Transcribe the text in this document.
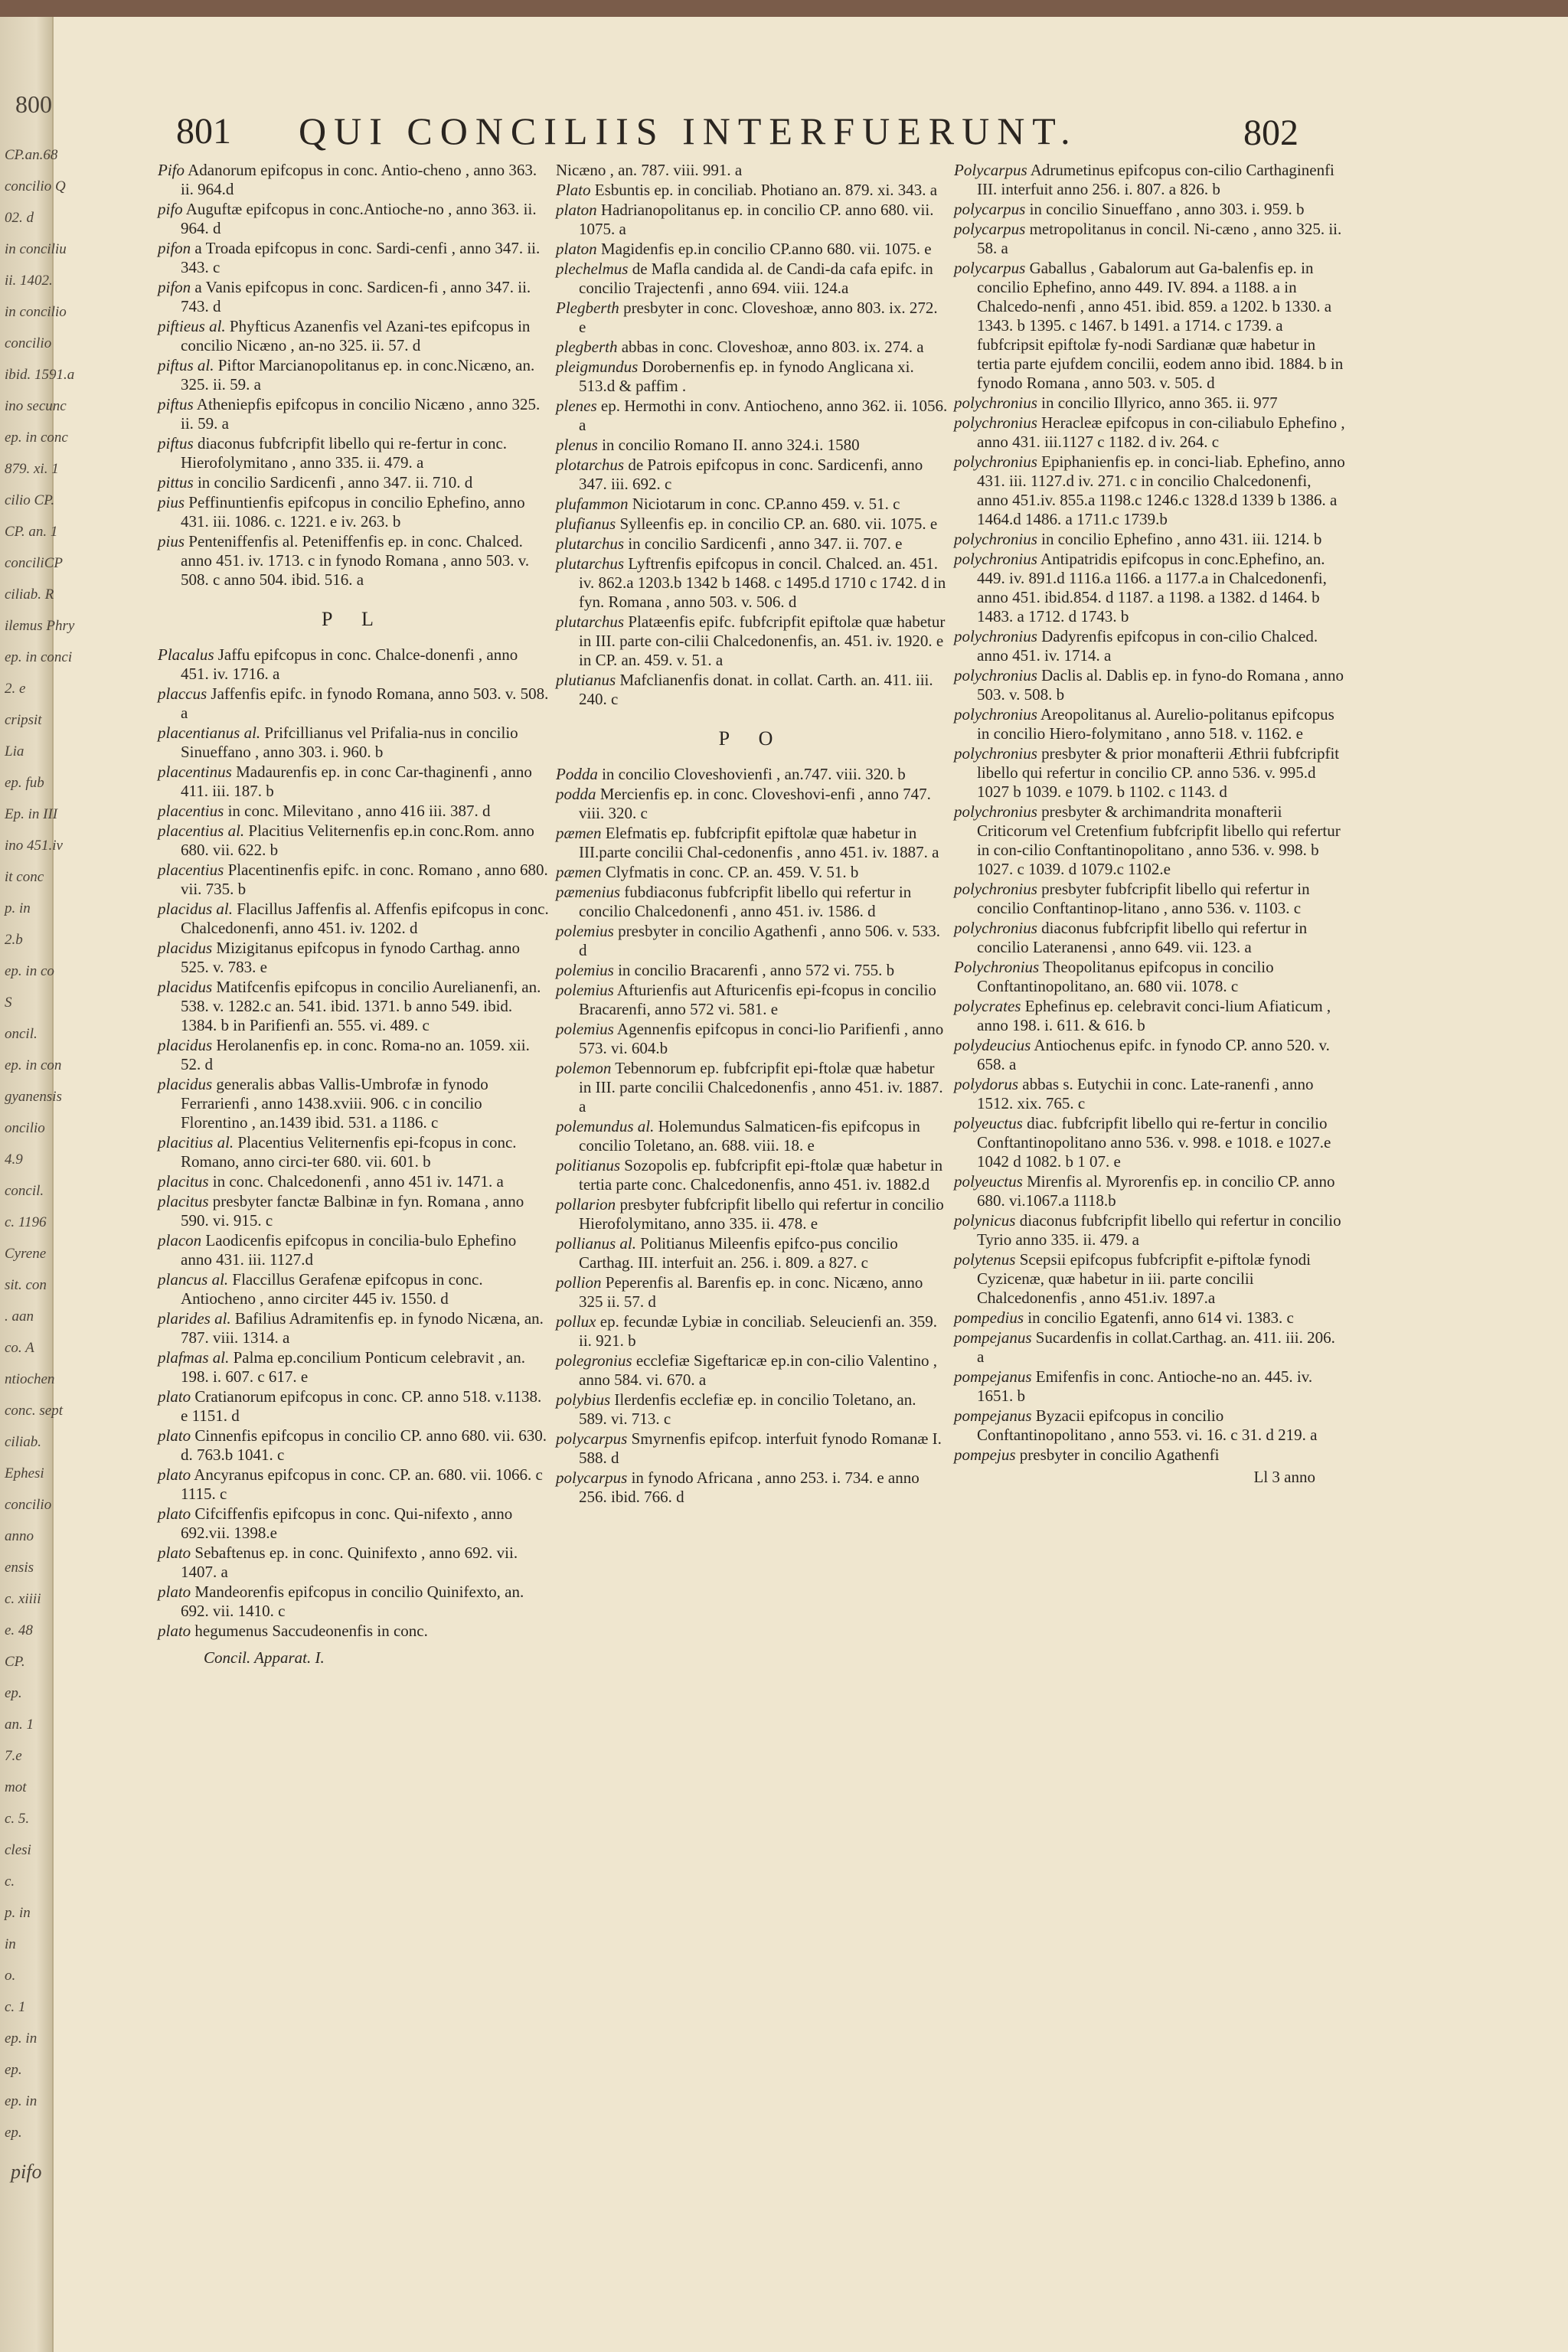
800
CP.an.68
concilio Q
02. d
in conciliu
ii. 1402.
in concilio
concilio
ibid. 1591.a
ino secunc
ep. in conc
879. xi. 1
cilio CP.
CP. an. 1
conciliCP
ciliab. R
ilemus Phry
ep. in conci
2. e
cripsit
Lia
ep. fub
Ep. in III
ino 451.iv
it conc
p. in
2.b
ep. in co
S
oncil.
ep. in con
gyanensis
oncilio
4.9
concil.
c. 1196
Cyrene
sit. con
. aan
co. A
ntiochen
conc. sept
ciliab.
Ephesi
concilio
anno
ensis
c. xiiii
e. 48
CP.
ep.
an. 1
7.e
mot
c. 5.
clesi
c.
p. in
in
o.
c. 1
ep. in
ep.
ep. in
ep.
pifo
801 QUI CONCILIIS INTERFUERUNT.	802
Pifo Adanorum epifcopus in conc. Antio-cheno , anno 363. ii. 964.d
pifo Auguftæ epifcopus in conc.Antioche-no , anno 363. ii. 964. d
pifon a Troada epifcopus in conc. Sardi-cenfi , anno 347. ii. 343. c
pifon a Vanis epifcopus in conc. Sardicen-fi , anno 347. ii. 743. d
piftieus al. Phyfticus Azanenfis vel Azani-tes epifcopus in concilio Nicæno , an-no 325. ii. 57. d
piftus al. Piftor Marcianopolitanus ep. in conc.Nicæno, an. 325. ii. 59. a
piftus Atheniepfis epifcopus in concilio Nicæno , anno 325. ii. 59. a
piftus diaconus fubfcripfit libello qui re-fertur in conc. Hierofolymitano , anno 335. ii. 479. a
pittus in concilio Sardicenfi , anno 347. ii. 710. d
pius Peffinuntienfis epifcopus in concilio Ephefino, anno 431. iii. 1086. c. 1221. e iv. 263. b
pius Penteniffenfis al. Peteniffenfis ep. in conc. Chalced. anno 451. iv. 1713. c in fynodo Romana , anno 503. v. 508. c anno 504. ibid. 516. a
P L
Placalus Jaffu epifcopus in conc. Chalce-donenfi , anno 451. iv. 1716. a
placcus Jaffenfis epifc. in fynodo Romana, anno 503. v. 508. a
placentianus al. Prifcillianus vel Prifalia-nus in concilio Sinueffano , anno 303. i. 960. b
placentinus Madaurenfis ep. in conc Car-thaginenfi , anno 411. iii. 187. b
placentius in conc. Milevitano , anno 416 iii. 387. d
placentius al. Placitius Veliternenfis ep.in conc.Rom. anno 680. vii. 622. b
placentius Placentinenfis epifc. in conc. Romano , anno 680. vii. 735. b
placidus al. Flacillus Jaffenfis al. Affenfis epifcopus in conc. Chalcedonenfi, anno 451. iv. 1202. d
placidus Mizigitanus epifcopus in fynodo Carthag. anno 525. v. 783. e
placidus Matifcenfis epifcopus in concilio Aurelianenfi, an. 538. v. 1282.c an. 541. ibid. 1371. b anno 549. ibid. 1384. b in Parifienfi an. 555. vi. 489. c
placidus Herolanenfis ep. in conc. Roma-no an. 1059. xii. 52. d
placidus generalis abbas Vallis-Umbrofæ in fynodo Ferrarienfi , anno 1438.xviii. 906. c in concilio Florentino , an.1439 ibid. 531. a 1186. c
placitius al. Placentius Veliternenfis epi-fcopus in conc. Romano, anno circi-ter 680. vii. 601. b
placitus in conc. Chalcedonenfi , anno 451 iv. 1471. a
placitus presbyter fanctæ Balbinæ in fyn. Romana , anno 590. vi. 915. c
placon Laodicenfis epifcopus in concilia-bulo Ephefino anno 431. iii. 1127.d
plancus al. Flaccillus Gerafenæ epifcopus in conc. Antiocheno , anno circiter 445 iv. 1550. d
plarides al. Bafilius Adramitenfis ep. in fynodo Nicæna, an. 787. viii. 1314. a
plafmas al. Palma ep.concilium Ponticum celebravit , an. 198. i. 607. c 617. e
plato Cratianorum epifcopus in conc. CP. anno 518. v.1138. e 1151. d
plato Cinnenfis epifcopus in concilio CP. anno 680. vii. 630. d. 763.b 1041. c
plato Ancyranus epifcopus in conc. CP. an. 680. vii. 1066. c 1115. c
plato Cifciffenfis epifcopus in conc. Qui-nifexto , anno 692.vii. 1398.e
plato Sebaftenus ep. in conc. Quinifexto , anno 692. vii. 1407. a
plato Mandeorenfis epifcopus in concilio Quinifexto, an. 692. vii. 1410. c
plato hegumenus Saccudeonenfis in conc.
Concil. Apparat. I.
Nicæno , an. 787. viii. 991. a
Plato Esbuntis ep. in conciliab. Photiano an. 879. xi. 343. a
platon Hadrianopolitanus ep. in concilio CP. anno 680. vii. 1075. a
platon Magidenfis ep.in concilio CP.anno 680. vii. 1075. e
plechelmus de Mafla candida al. de Candi-da cafa epifc. in concilio Trajectenfi , anno 694. viii. 124.a
Plegberth presbyter in conc. Cloveshoæ, anno 803. ix. 272. e
plegberth abbas in conc. Cloveshoæ, anno 803. ix. 274. a
pleigmundus Dorobernenfis ep. in fynodo Anglicana xi. 513.d & paffim .
plenes ep. Hermothi in conv. Antiocheno, anno 362. ii. 1056. a
plenus in concilio Romano II. anno 324.i. 1580
plotarchus de Patrois epifcopus in conc. Sardicenfi, anno 347. iii. 692. c
plufammon Niciotarum in conc. CP.anno 459. v. 51. c
plufianus Sylleenfis ep. in concilio CP. an. 680. vii. 1075. e
plutarchus in concilio Sardicenfi , anno 347. ii. 707. e
plutarchus Lyftrenfis epifcopus in concil. Chalced. an. 451. iv. 862.a 1203.b 1342 b 1468. c 1495.d 1710 c 1742. d in fyn. Romana , anno 503. v. 506. d
plutarchus Platæenfis epifc. fubfcripfit epiftolæ quæ habetur in III. parte con-cilii Chalcedonenfis, an. 451. iv. 1920. e in CP. an. 459. v. 51. a
plutianus Mafclianenfis donat. in collat. Carth. an. 411. iii. 240. c
P O
Podda in concilio Cloveshovienfi , an.747. viii. 320. b
podda Mercienfis ep. in conc. Cloveshovi-enfi , anno 747. viii. 320. c
pæmen Elefmatis ep. fubfcripfit epiftolæ quæ habetur in III.parte concilii Chal-cedonenfis , anno 451. iv. 1887. a
pæmen Clyfmatis in conc. CP. an. 459. V. 51. b
pæmenius fubdiaconus fubfcripfit libello qui refertur in concilio Chalcedonenfi , anno 451. iv. 1586. d
polemius presbyter in concilio Agathenfi , anno 506. v. 533. d
polemius in concilio Bracarenfi , anno 572 vi. 755. b
polemius Afturienfis aut Afturicenfis epi-fcopus in concilio Bracarenfi, anno 572 vi. 581. e
polemius Agennenfis epifcopus in conci-lio Parifienfi , anno 573. vi. 604.b
polemon Tebennorum ep. fubfcripfit epi-ftolæ quæ habetur in III. parte concilii Chalcedonenfis , anno 451. iv. 1887. a
polemundus al. Holemundus Salmaticen-fis epifcopus in concilio Toletano, an. 688. viii. 18. e
politianus Sozopolis ep. fubfcripfit epi-ftolæ quæ habetur in tertia parte conc. Chalcedonenfis, anno 451. iv. 1882.d
pollarion presbyter fubfcripfit libello qui refertur in concilio Hierofolymitano, anno 335. ii. 478. e
pollianus al. Politianus Mileenfis epifco-pus concilio Carthag. III. interfuit an. 256. i. 809. a 827. c
pollion Peperenfis al. Barenfis ep. in conc. Nicæno, anno 325 ii. 57. d
pollux ep. fecundæ Lybiæ in conciliab. Seleucienfi an. 359. ii. 921. b
polegronius ecclefiæ Sigeftaricæ ep.in con-cilio Valentino , anno 584. vi. 670. a
polybius Ilerdenfis ecclefiæ ep. in concilio Toletano, an. 589. vi. 713. c
polycarpus Smyrnenfis epifcop. interfuit fynodo Romanæ I. 588. d
polycarpus in fynodo Africana , anno 253. i. 734. e anno 256. ibid. 766. d
Polycarpus Adrumetinus epifcopus con-cilio Carthaginenfi III. interfuit anno 256. i. 807. a 826. b
polycarpus in concilio Sinueffano , anno 303. i. 959. b
polycarpus metropolitanus in concil. Ni-cæno , anno 325. ii. 58. a
polycarpus Gaballus , Gabalorum aut Ga-balenfis ep. in concilio Ephefino, anno 449. IV. 894. a 1188. a in Chalcedo-nenfi , anno 451. ibid. 859. a 1202. b 1330. a 1343. b 1395. c 1467. b 1491. a 1714. c 1739. a fubfcripsit epiftolæ fy-nodi Sardianæ quæ habetur in tertia parte ejufdem concilii, eodem anno ibid. 1884. b in fynodo Romana , anno 503. v. 505. d
polychronius in concilio Illyrico, anno 365. ii. 977
polychronius Heracleæ epifcopus in con-ciliabulo Ephefino , anno 431. iii.1127 c 1182. d iv. 264. c
polychronius Epiphanienfis ep. in conci-liab. Ephefino, anno 431. iii. 1127.d iv. 271. c in concilio Chalcedonenfi, anno 451.iv. 855.a 1198.c 1246.c 1328.d 1339 b 1386. a 1464.d 1486. a 1711.c 1739.b
polychronius in concilio Ephefino , anno 431. iii. 1214. b
polychronius Antipatridis epifcopus in conc.Ephefino, an. 449. iv. 891.d 1116.a 1166. a 1177.a in Chalcedonenfi, anno 451. ibid.854. d 1187. a 1198. a 1382. d 1464. b 1483. a 1712. d 1743. b
polychronius Dadyrenfis epifcopus in con-cilio Chalced. anno 451. iv. 1714. a
polychronius Daclis al. Dablis ep. in fyno-do Romana , anno 503. v. 508. b
polychronius Areopolitanus al. Aurelio-politanus epifcopus in concilio Hiero-folymitano , anno 518. v. 1162. e
polychronius presbyter & prior monafterii Æthrii fubfcripfit libello qui refertur in concilio CP. anno 536. v. 995.d 1027 b 1039. e 1079. b 1102. c 1143. d
polychronius presbyter & archimandrita monafterii Criticorum vel Cretenfium fubfcripfit libello qui refertur in con-cilio Conftantinopolitano , anno 536. v. 998. b 1027. c 1039. d 1079.c 1102.e
polychronius presbyter fubfcripfit libello qui refertur in concilio Conftantinop-litano , anno 536. v. 1103. c
polychronius diaconus fubfcripfit libello qui refertur in concilio Lateranensi , anno 649. vii. 123. a
Polychronius Theopolitanus epifcopus in concilio Conftantinopolitano, an. 680 vii. 1078. c
polycrates Ephefinus ep. celebravit conci-lium Afiaticum , anno 198. i. 611. & 616. b
polydeucius Antiochenus epifc. in fynodo CP. anno 520. v. 658. a
polydorus abbas s. Eutychii in conc. Late-ranenfi , anno 1512. xix. 765. c
polyeuctus diac. fubfcripfit libello qui re-fertur in concilio Conftantinopolitano anno 536. v. 998. e 1018. e 1027.e 1042 d 1082. b 1 07. e
polyeuctus Mirenfis al. Myrorenfis ep. in concilio CP. anno 680. vi.1067.a 1118.b
polynicus diaconus fubfcripfit libello qui refertur in concilio Tyrio anno 335. ii. 479. a
polytenus Scepsii epifcopus fubfcripfit e-piftolæ fynodi Cyzicenæ, quæ habetur in iii. parte concilii Chalcedonenfis , anno 451.iv. 1897.a
pompedius in concilio Egatenfi, anno 614 vi. 1383. c
pompejanus Sucardenfis in collat.Carthag. an. 411. iii. 206. a
pompejanus Emifenfis in conc. Antioche-no an. 445. iv. 1651. b
pompejanus Byzacii epifcopus in concilio Conftantinopolitano , anno 553. vi. 16. c 31. d 219. a
pompejus presbyter in concilio Agathenfi
Ll 3 anno
